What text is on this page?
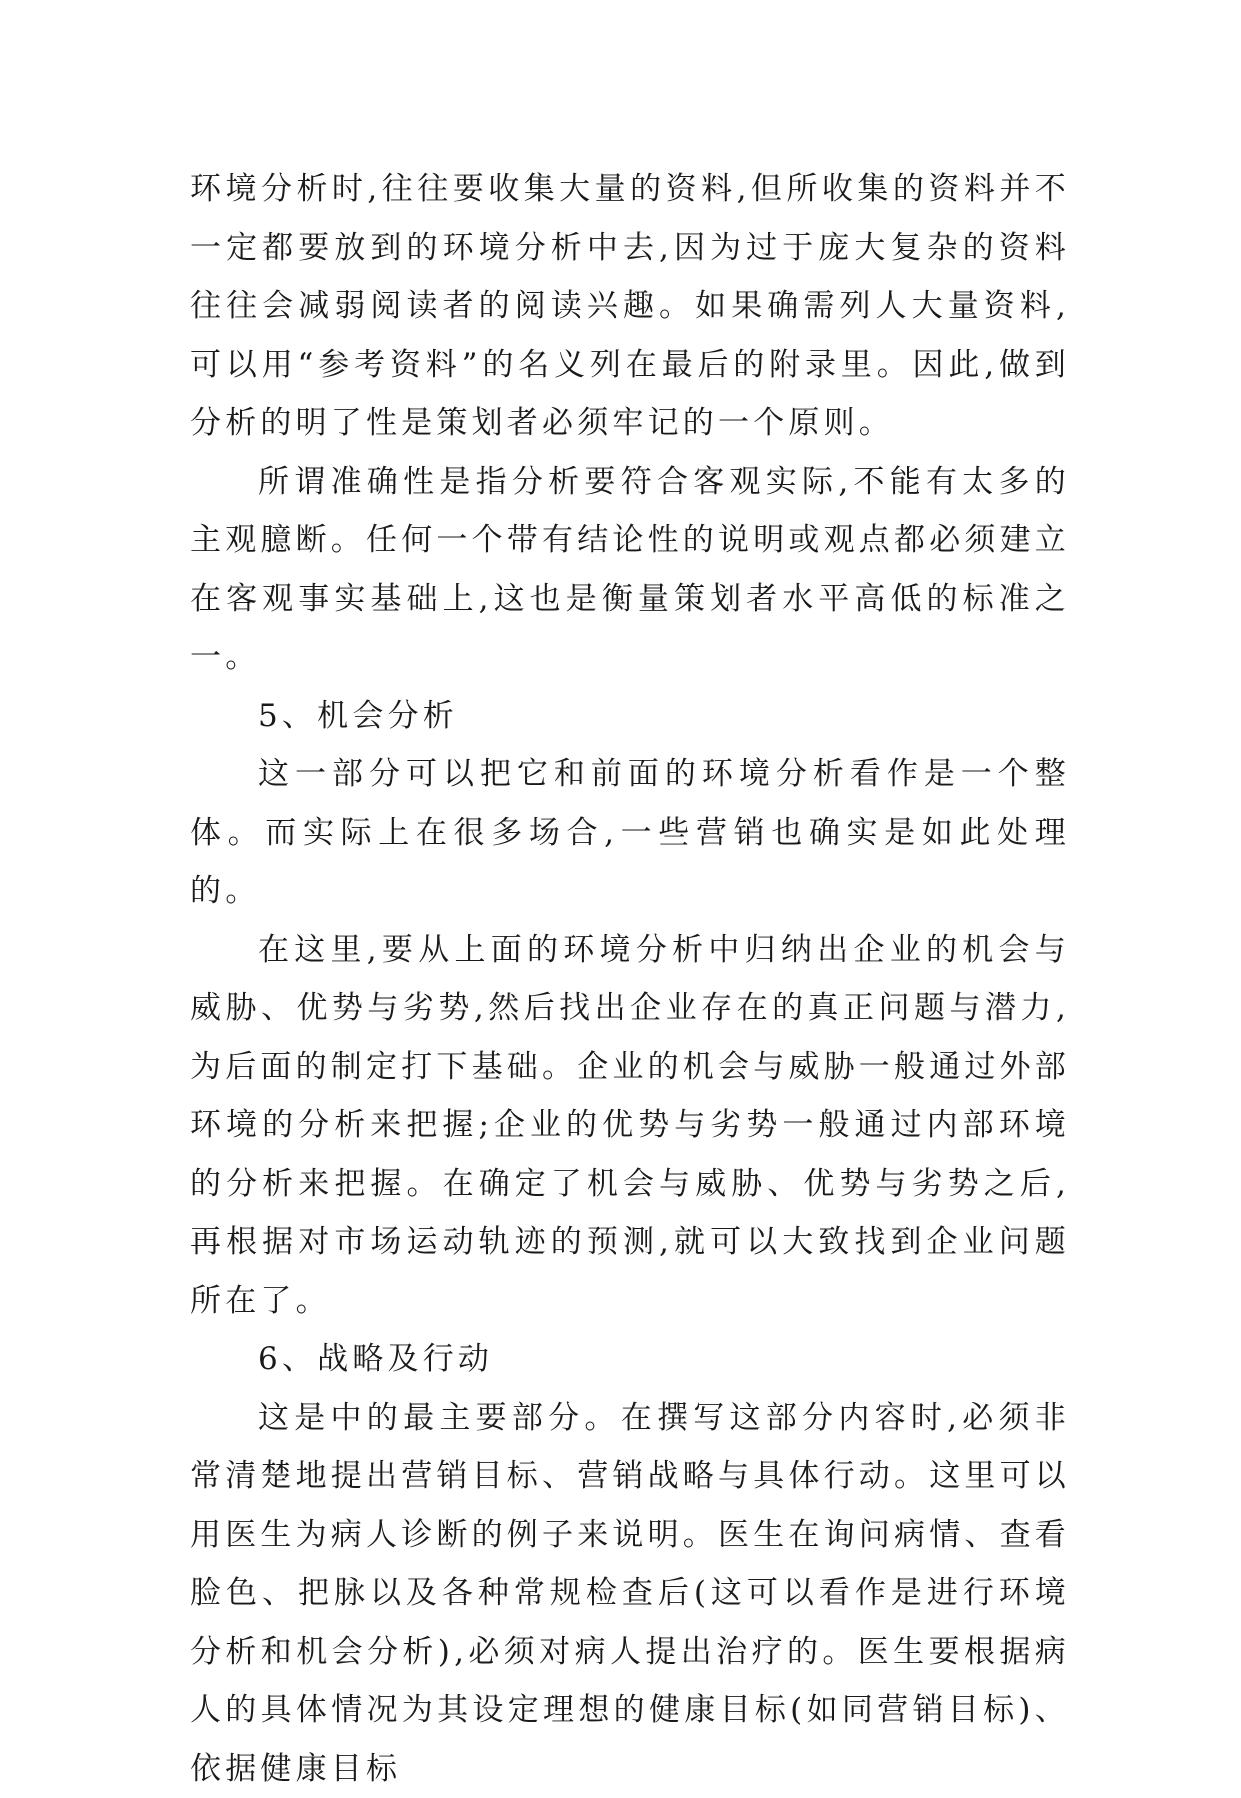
环境分析时,往往要收集大量的资料,但所收集的资料并不一定都要放到的环境分析中去,因为过于庞大复杂的资料往往会减弱阅读者的阅读兴趣。如果确需列人大量资料,可以用“参考资料”的名义列在最后的附录里。因此,做到分析的明了性是策划者必须牢记的一个原则。

所谓准确性是指分析要符合客观实际,不能有太多的主观臆断。任何一个带有结论性的说明或观点都必须建立在客观事实基础上,这也是衡量策划者水平高低的标准之一。

5、机会分析

这一部分可以把它和前面的环境分析看作是一个整体。而实际上在很多场合,一些营销也确实是如此处理的。

在这里,要从上面的环境分析中归纳出企业的机会与威胁、优势与劣势,然后找出企业存在的真正问题与潜力,为后面的制定打下基础。企业的机会与威胁一般通过外部环境的分析来把握;企业的优势与劣势一般通过内部环境的分析来把握。在确定了机会与威胁、优势与劣势之后,再根据对市场运动轨迹的预测,就可以大致找到企业问题所在了。

6、战略及行动

这是中的最主要部分。在撰写这部分内容时,必须非常清楚地提出营销目标、营销战略与具体行动。这里可以用医生为病人诊断的例子来说明。医生在询问病情、查看脸色、把脉以及各种常规检查后(这可以看作是进行环境分析和机会分析),必须对病人提出治疗的。医生要根据病人的具体情况为其设定理想的健康目标(如同营销目标)、依据健康目标
